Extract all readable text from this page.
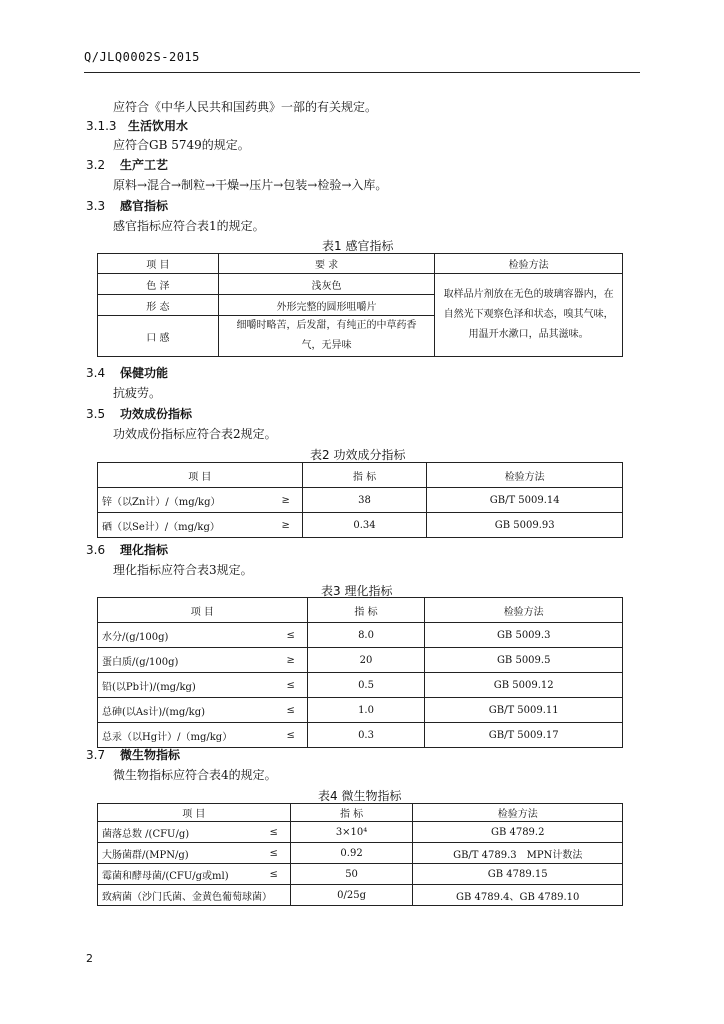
Q/JLQ0002S-2015
应符合《中华人民共和国药典》一部的有关规定。
3.1.3 生活饮用水
应符合GB 5749的规定。
3.2 生产工艺
原料→混合→制粒→干燥→压片→包装→检验→入库。
3.3 感官指标
感官指标应符合表1的规定。
表1 感官指标
项 目	要 求	检验方法
色 泽	浅灰色	取样品片剂放在无色的玻璃容器内，在自然光下观察色泽和状态，嗅其气味，用温开水漱口，品其滋味。
形 态	外形完整的圆形咀嚼片	
口 感	细嚼时略苦，后发甜，有纯正的中草药香气，无异味	
3.4 保健功能
抗疲劳。
3.5 功效成份指标
功效成份指标应符合表2规定。
表2 功效成分指标
项 目	指 标	检验方法

锌（以Zn计）/（mg/kg） ≥	38	GB/T 5009.14

硒（以Se计）/（mg/kg） ≥	0.34	GB 5009.93
3.6 理化指标
理化指标应符合表3规定。
表3 理化指标
项 目	指 标	检验方法

水分/(g/100g) ≤	8.0	GB 5009.3

蛋白质/(g/100g) ≥	20	GB 5009.5

铅(以Pb计)/(mg/kg) ≤	0.5	GB 5009.12

总砷(以As计)/(mg/kg) ≤	1.0	GB/T 5009.11

总汞（以Hg计）/（mg/kg） ≤	0.3	GB/T 5009.17
3.7 微生物指标
微生物指标应符合表4的规定。
表4 微生物指标
项 目	指 标	检验方法

菌落总数 /(CFU/g) ≤	3×10⁴	GB 4789.2

大肠菌群/(MPN/g) ≤	0.92	GB/T 4789.3　MPN计数法

霉菌和酵母菌/(CFU/g或ml) ≤	50	GB 4789.15
致病菌（沙门氏菌、金黄色葡萄球菌）	0/25g	GB 4789.4、GB 4789.10
2
